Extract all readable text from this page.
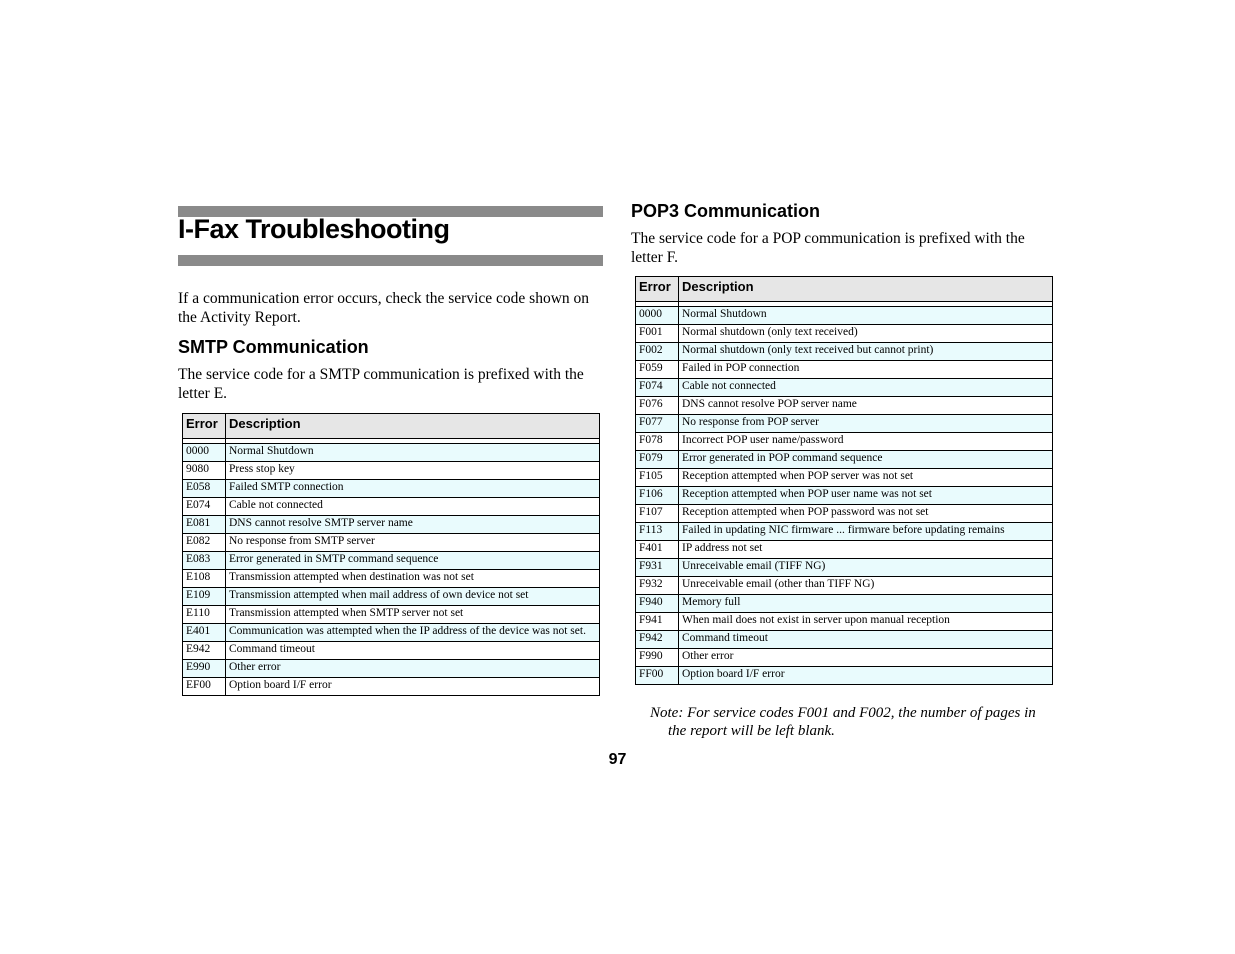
I-Fax Troubleshooting

If a communication error occurs, check the service code shown on the Activity Report.

SMTP Communication

The service code for a SMTP communication is prefixed with the letter E.

Error	Description

0000	Normal Shutdown
9080	Press stop key
E058	Failed SMTP connection
E074	Cable not connected
E081	DNS cannot resolve SMTP server name
E082	No response from SMTP server
E083	Error generated in SMTP command sequence
E108	Transmission attempted when destination was not set
E109	Transmission attempted when mail address of own device not set
E110	Transmission attempted when SMTP server not set
E401	Communication was attempted when the IP address of the device was not set.
E942	Command timeout
E990	Other error
EF00	Option board I/F error
POP3 Communication

The service code for a POP communication is prefixed with the letter F.

Error	Description

0000	Normal Shutdown
F001	Normal shutdown (only text received)
F002	Normal shutdown (only text received but cannot print)
F059	Failed in POP connection
F074	Cable not connected
F076	DNS cannot resolve POP server name
F077	No response from POP server
F078	Incorrect POP user name/password
F079	Error generated in POP command sequence
F105	Reception attempted when POP server was not set
F106	Reception attempted when POP user name was not set
F107	Reception attempted when POP password was not set
F113	Failed in updating NIC firmware ... firmware before updating remains
F401	IP address not set
F931	Unreceivable email (TIFF NG)
F932	Unreceivable email (other than TIFF NG)
F940	Memory full
F941	When mail does not exist in server upon manual reception
F942	Command timeout
F990	Other error
FF00	Option board I/F error

Note: For service codes F001 and F002, the number of pages in
the report will be left blank.

97
